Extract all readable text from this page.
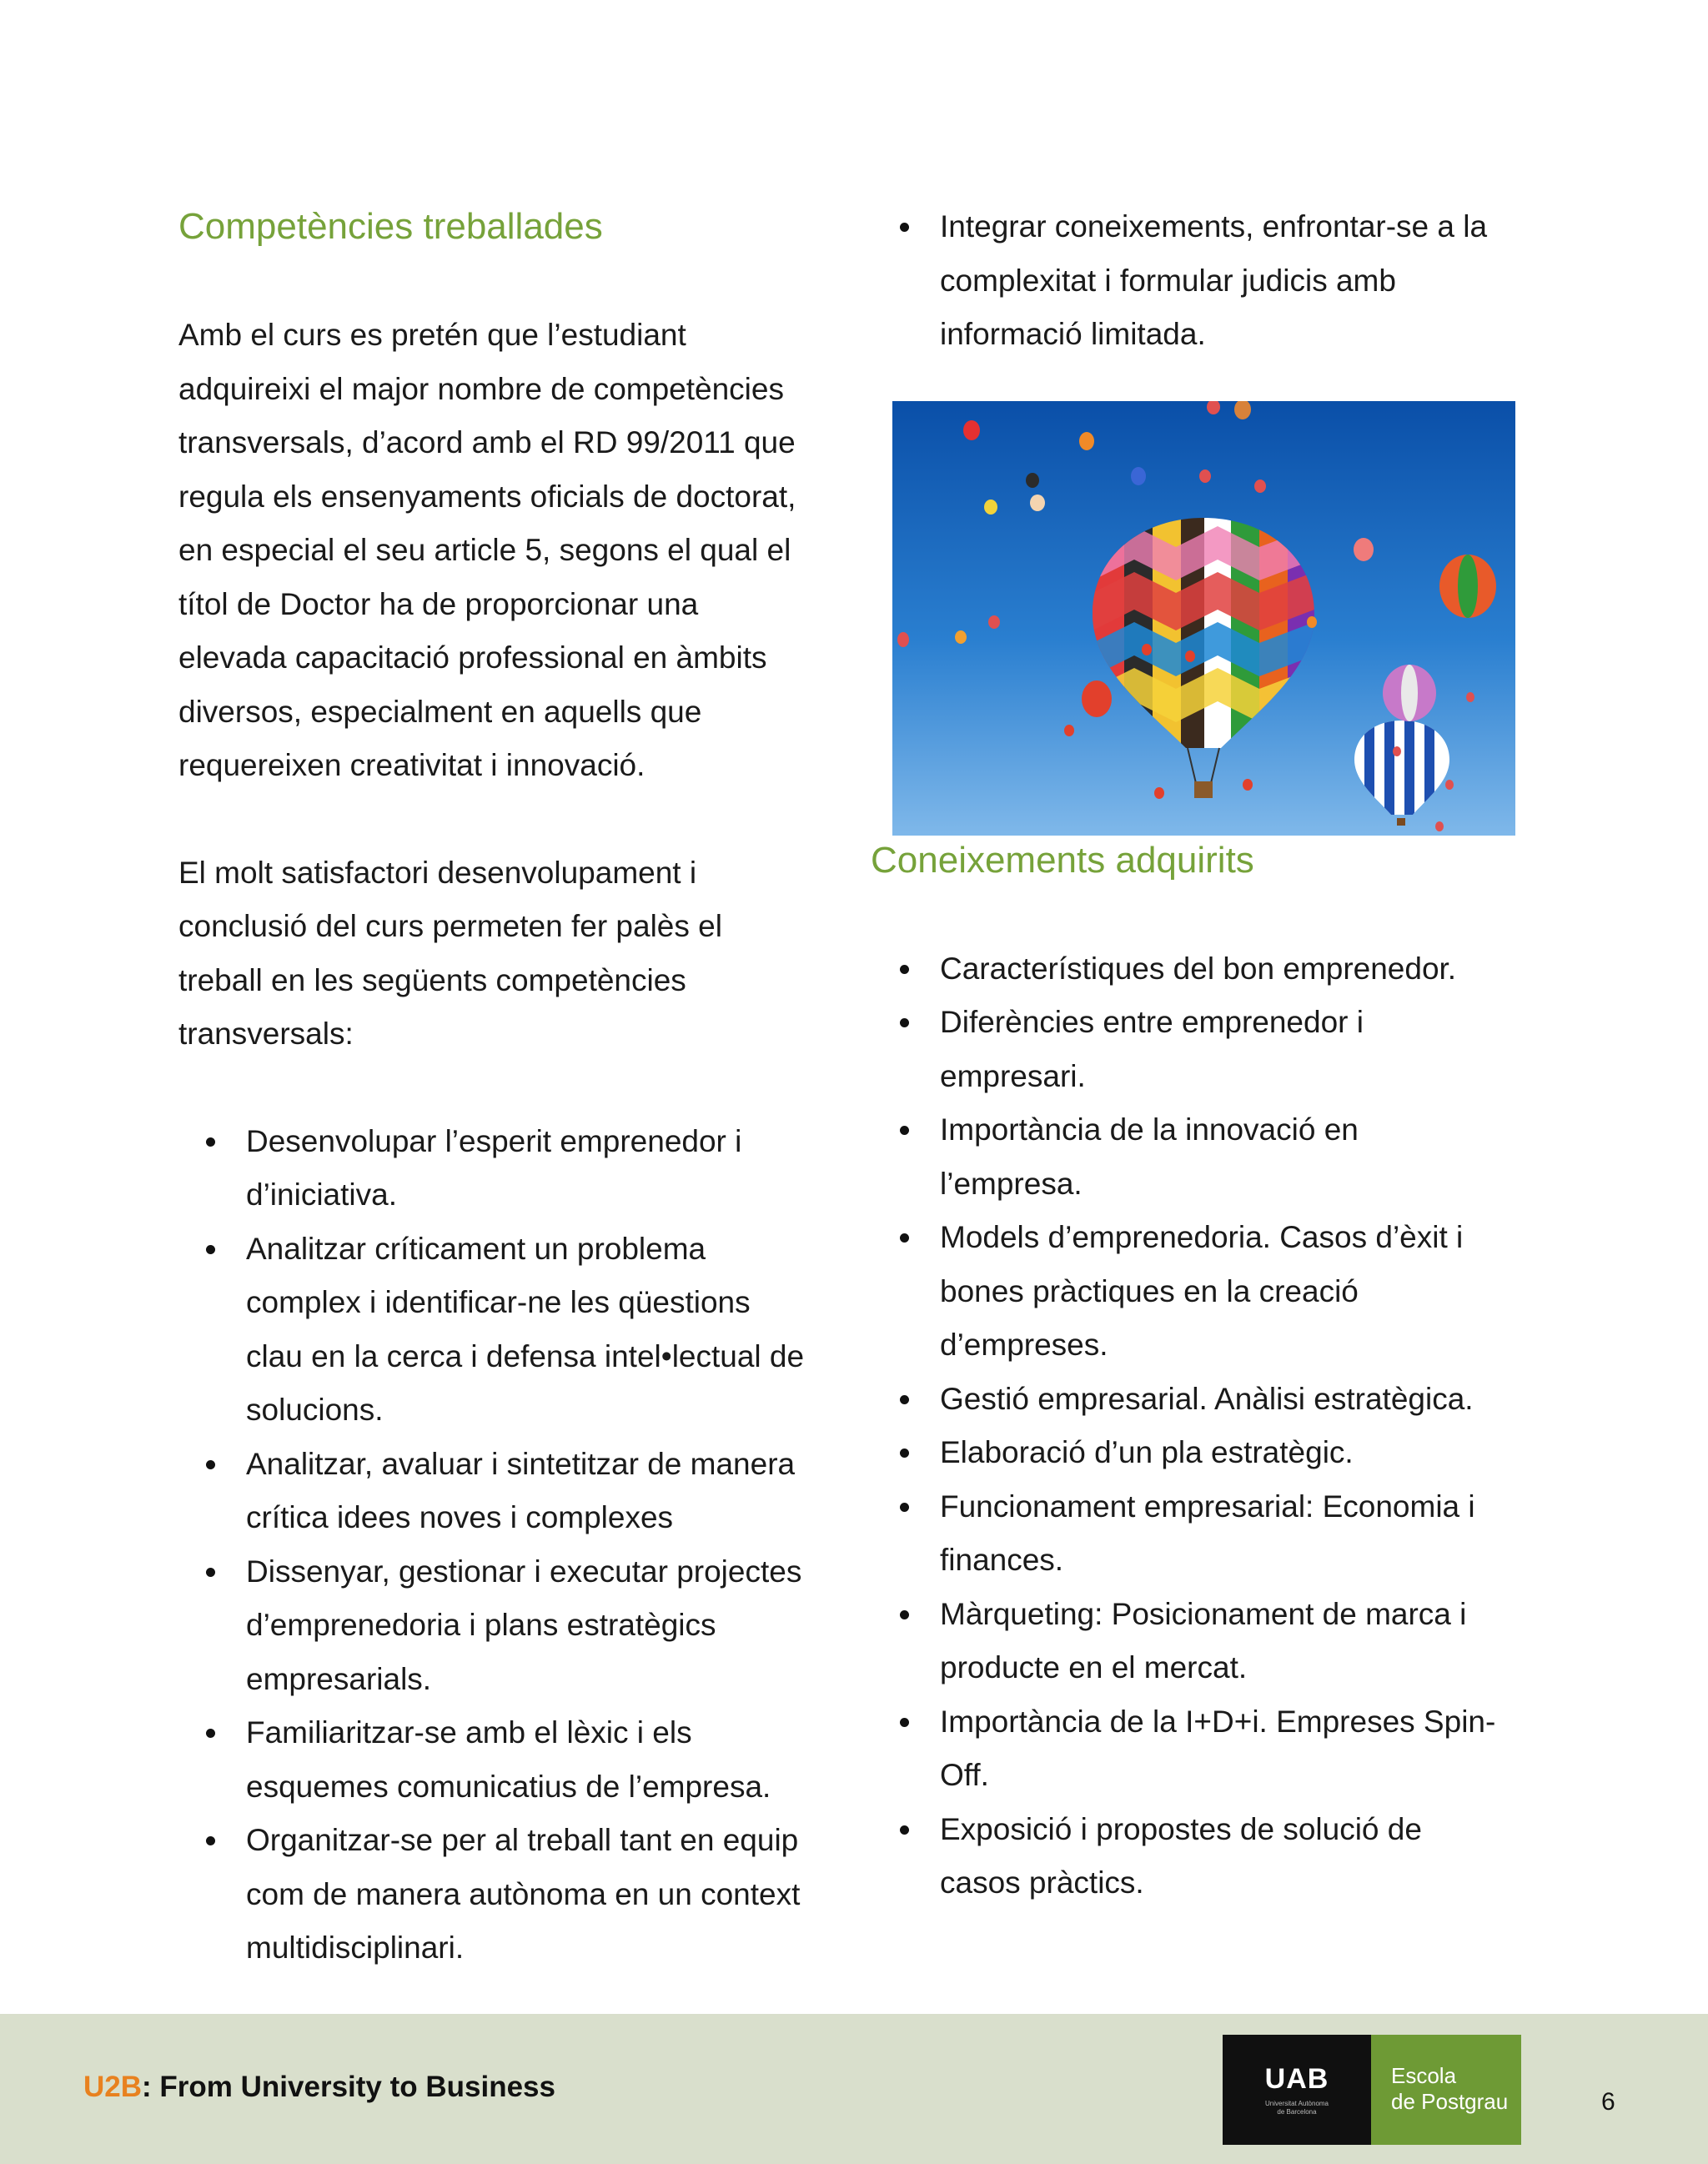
Competències treballades

Amb el curs es pretén que l’estudiant
adquireixi el major nombre de competències
transversals, d’acord amb el RD 99/2011 que
regula els ensenyaments oficials de doctorat,
en especial el seu article 5, segons el qual el
títol de Doctor ha de proporcionar una
elevada capacitació professional en àmbits
diversos, especialment en aquells que
requereixen creativitat i innovació.

El molt satisfactori desenvolupament i
conclusió del curs permeten fer palès el
treball en les següents competències
transversals:

Desenvolupar l’esperit emprenedor i
d’iniciativa.
Analitzar críticament un problema
complex i identificar-ne les qüestions
clau en la cerca i defensa intel•lectual de
solucions.
Analitzar, avaluar i sintetitzar de manera
crítica idees noves i complexes
Dissenyar, gestionar i executar projectes
d’emprenedoria i plans estratègics
empresarials.
Familiaritzar-se amb el lèxic i els
esquemes comunicatius de l’empresa.
Organitzar-se per al treball tant en equip
com de manera autònoma en un context
multidisciplinari.
Integrar coneixements, enfrontar-se a la
complexitat i formular judicis amb
informació limitada.
Coneixements adquirits
Característiques del bon emprenedor.
Diferències entre emprenedor i
empresari.
Importància de la innovació en
l’empresa.
Models d’emprenedoria. Casos d’èxit i
bones pràctiques en la creació
d’empreses.
Gestió empresarial. Anàlisi estratègica.
Elaboració d’un pla estratègic.
Funcionament empresarial: Economia i
finances.
Màrqueting: Posicionament de marca i
producte en el mercat.
Importància de la I+D+i. Empreses Spin-
Off.
Exposició i propostes de solució de
casos pràctics.
U2B: From University to Business	UAB
Universitat Autònoma
de Barcelona
Escola
de Postgrau	6
